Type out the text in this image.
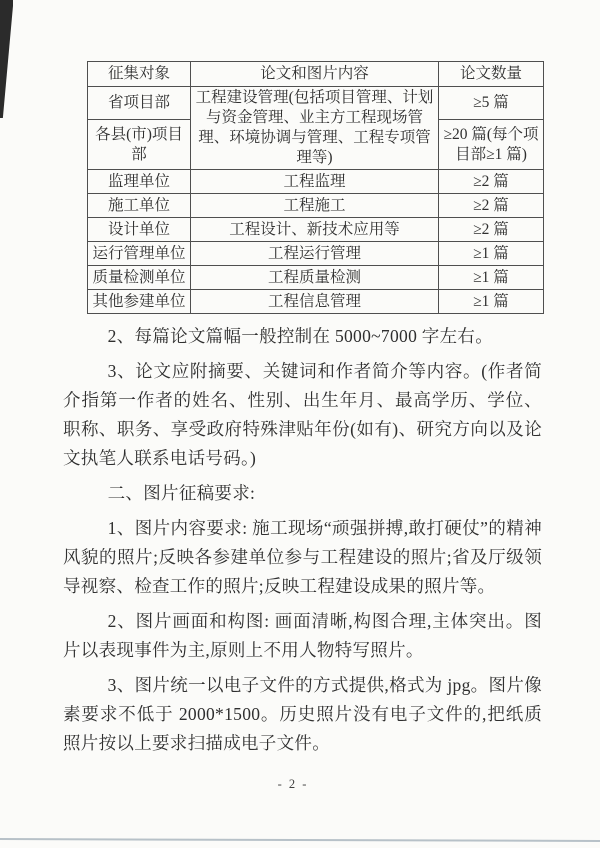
征集对象	论文和图片内容	论文数量
省项目部	工程建设管理(包括项目管理、计划与资金管理、业主方工程现场管理、环境协调与管理、工程专项管理等)	≥5 篇
各县(市)项目部		≥20 篇(每个项目部≥1 篇)
监理单位	工程监理	≥2 篇
施工单位	工程施工	≥2 篇
设计单位	工程设计、新技术应用等	≥2 篇
运行管理单位	工程运行管理	≥1 篇
质量检测单位	工程质量检测	≥1 篇
其他参建单位	工程信息管理	≥1 篇

2、每篇论文篇幅一般控制在 5000~7000 字左右。

3、论文应附摘要、关键词和作者简介等内容。(作者简介指第一作者的姓名、性别、出生年月、最高学历、学位、职称、职务、享受政府特殊津贴年份(如有)、研究方向以及论文执笔人联系电话号码。)

二、图片征稿要求:

1、图片内容要求: 施工现场“顽强拼搏,敢打硬仗”的精神风貌的照片;反映各参建单位参与工程建设的照片;省及厅级领导视察、检查工作的照片;反映工程建设成果的照片等。

2、图片画面和构图: 画面清晰,构图合理,主体突出。图片以表现事件为主,原则上不用人物特写照片。

3、图片统一以电子文件的方式提供,格式为 jpg。图片像素要求不低于 2000*1500。历史照片没有电子文件的,把纸质照片按以上要求扫描成电子文件。

- 2 -
